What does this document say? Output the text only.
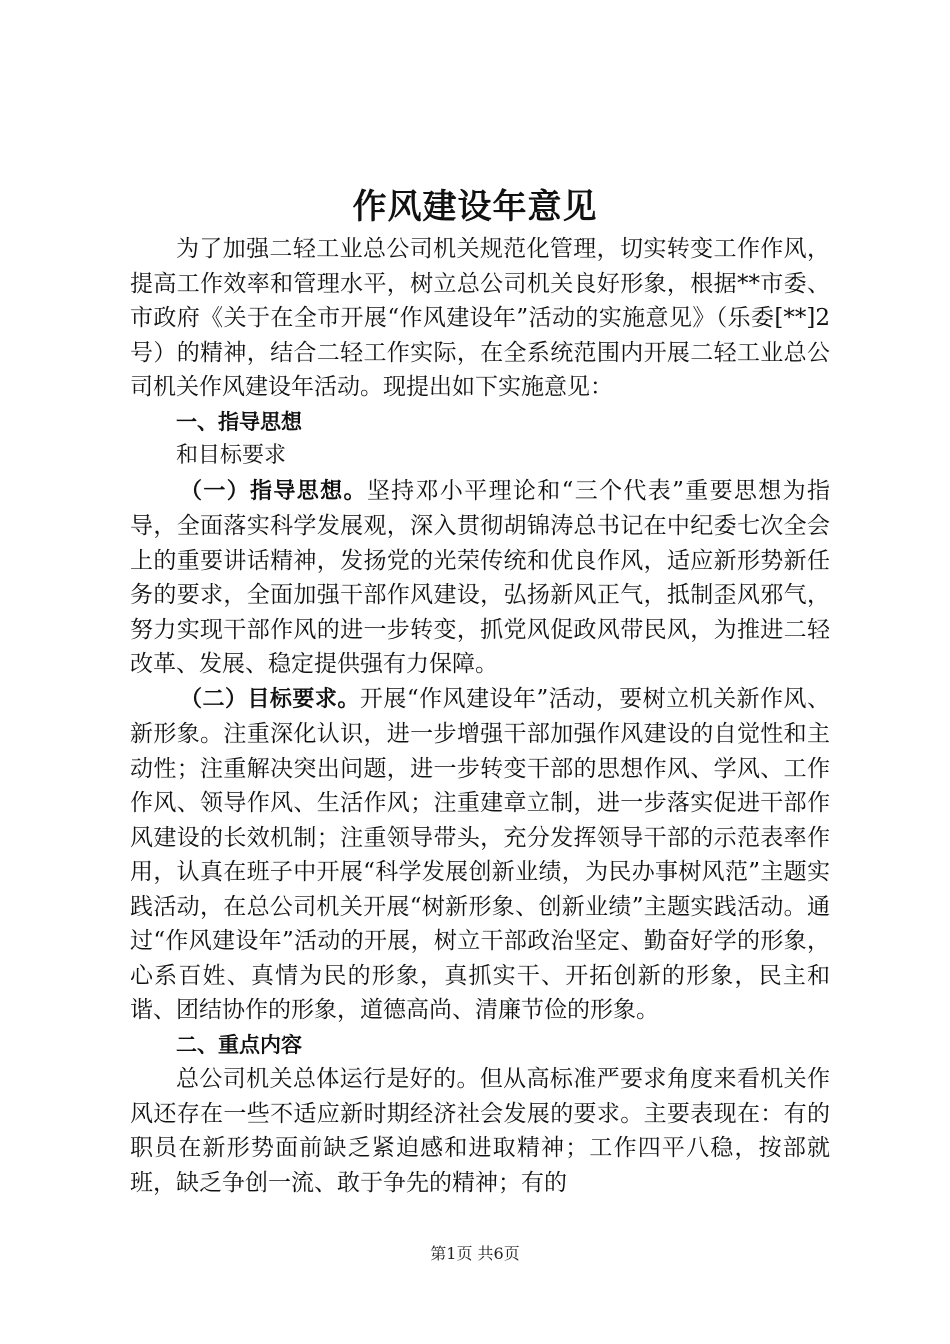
作风建设年意见

为了加强二轻工业总公司机关规范化管理，切实转变工作作风，提高工作效率和管理水平，树立总公司机关良好形象，根据**市委、市政府《关于在全市开展“作风建设年”活动的实施意见》（乐委[**]2号）的精神，结合二轻工作实际，在全系统范围内开展二轻工业总公司机关作风建设年活动。现提出如下实施意见：

一、指导思想

和目标要求

（一）指导思想。坚持邓小平理论和“三个代表”重要思想为指导，全面落实科学发展观，深入贯彻胡锦涛总书记在中纪委七次全会上的重要讲话精神，发扬党的光荣传统和优良作风，适应新形势新任务的要求，全面加强干部作风建设，弘扬新风正气，抵制歪风邪气，努力实现干部作风的进一步转变，抓党风促政风带民风，为推进二轻改革、发展、稳定提供强有力保障。

（二）目标要求。开展“作风建设年”活动，要树立机关新作风、新形象。注重深化认识，进一步增强干部加强作风建设的自觉性和主动性；注重解决突出问题，进一步转变干部的思想作风、学风、工作作风、领导作风、生活作风；注重建章立制，进一步落实促进干部作风建设的长效机制；注重领导带头，充分发挥领导干部的示范表率作用，认真在班子中开展“科学发展创新业绩，为民办事树风范”主题实践活动，在总公司机关开展“树新形象、创新业绩”主题实践活动。通过“作风建设年”活动的开展，树立干部政治坚定、勤奋好学的形象，心系百姓、真情为民的形象，真抓实干、开拓创新的形象，民主和谐、团结协作的形象，道德高尚、清廉节俭的形象。

二、重点内容

总公司机关总体运行是好的。但从高标准严要求角度来看机关作风还存在一些不适应新时期经济社会发展的要求。主要表现在：有的职员在新形势面前缺乏紧迫感和进取精神；工作四平八稳，按部就班，缺乏争创一流、敢于争先的精神；有的

第1页 共6页
